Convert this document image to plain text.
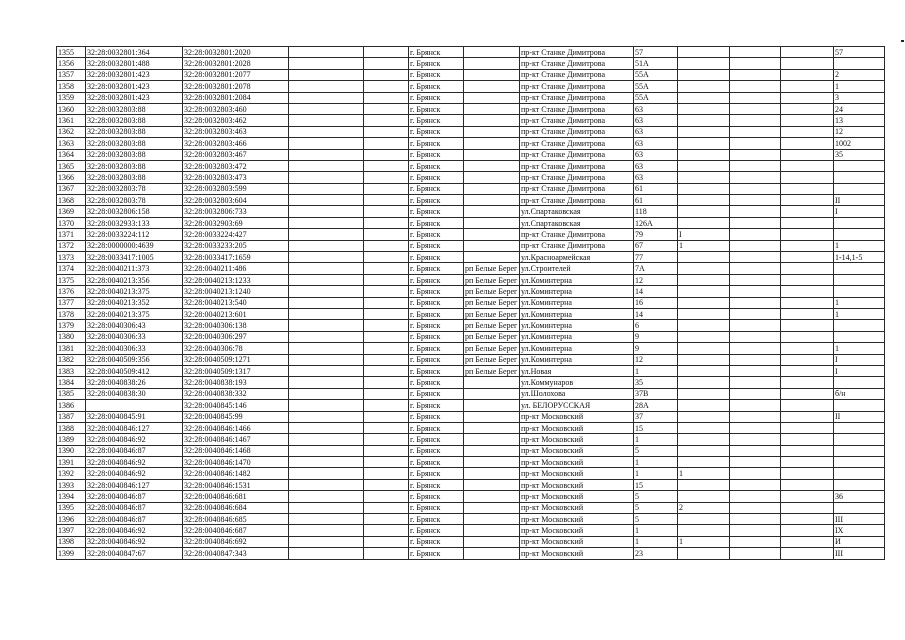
1355	32:28:0032801:364	32:28:0032801:2020			г. Брянск		пр-кт Станке Димитрова	57				57
1356	32:28:0032801:488	32:28:0032801:2028			г. Брянск		пр-кт Станке Димитрова	51А				
1357	32:28:0032801:423	32:28:0032801:2077			г. Брянск		пр-кт Станке Димитрова	55А				2
1358	32:28:0032801:423	32:28:0032801:2078			г. Брянск		пр-кт Станке Димитрова	55А				1
1359	32:28:0032801:423	32:28:0032801:2084			г. Брянск		пр-кт Станке Димитрова	55А				3
1360	32:28:0032803:88	32:28:0032803:460			г. Брянск		пр-кт Станке Димитрова	63				24
1361	32:28:0032803:88	32:28:0032803:462			г. Брянск		пр-кт Станке Димитрова	63				13
1362	32:28:0032803:88	32:28:0032803:463			г. Брянск		пр-кт Станке Димитрова	63				12
1363	32:28:0032803:88	32:28:0032803:466			г. Брянск		пр-кт Станке Димитрова	63				1002
1364	32:28:0032803:88	32:28:0032803:467			г. Брянск		пр-кт Станке Димитрова	63				35
1365	32:28:0032803:88	32:28:0032803:472			г. Брянск		пр-кт Станке Димитрова	63				
1366	32:28:0032803:88	32:28:0032803:473			г. Брянск		пр-кт Станке Димитрова	63				
1367	32:28:0032803:78	32:28:0032803:599			г. Брянск		пр-кт Станке Димитрова	61				
1368	32:28:0032803:78	32:28:0032803:604			г. Брянск		пр-кт Станке Димитрова	61				II
1369	32:28:0032806:158	32:28:0032806:733			г. Брянск		ул.Спартаковская	118				I
1370	32:28:0032933:133	32:28:0032903:69			г. Брянск		ул.Спартаковская	126А				
1371	32:28:0033224:112	32:28:0033224:427			г. Брянск		пр-кт Станке Димитрова	79	I			
1372	32:28:0000000:4639	32:28:0033233:205			г. Брянск		пр-кт Станке Димитрова	67	1			1
1373	32:28:0033417:1005	32:28:0033417:1659			г. Брянск		ул.Красноармейская	77				1-14,1-5
1374	32:28:0040211:373	32:28:0040211:486			г. Брянск	рп Белые Берег	ул.Строителей	7А				
1375	32:28:0040213:356	32:28:0040213:1233			г. Брянск	рп Белые Берег	ул.Коминтерна	12				
1376	32:28:0040213:375	32:28:0040213:1240			г. Брянск	рп Белые Берег	ул.Коминтерна	14				
1377	32:28:0040213:352	32:28:0040213:540			г. Брянск	рп Белые Берег	ул.Коминтерна	16				1
1378	32:28:0040213:375	32:28:0040213:601			г. Брянск	рп Белые Берег	ул.Коминтерна	14				1
1379	32:28:0040306:43	32:28:0040306:138			г. Брянск	рп Белые Берег	ул.Коминтерна	6				
1380	32:28:0040306:33	32:28:0040306:297			г. Брянск	рп Белые Берег	ул.Коминтерна	9				
1381	32:28:0040306:33	32:28:0040306:78			г. Брянск	рп Белые Берег	ул.Коминтерна	9				1
1382	32:28:0040509:356	32:28:0040509:1271			г. Брянск	рп Белые Берег	ул.Коминтерна	12				I
1383	32:28:0040509:412	32:28:0040509:1317			г. Брянск	рп Белые Берег	ул.Новая	1				I
1384	32:28:0040838:26	32:28:0040838:193			г. Брянск		ул.Коммунаров	35				
1385	32:28:0040838:30	32:28:0040838:332			г. Брянск		ул.Шолохова	37В				б/н
1386		32:28:0040845:146			г. Брянск		ул. БЕЛОРУССКАЯ	28А				
1387	32:28:0040845:91	32:28:0040845:99			г. Брянск		пр-кт Московский	37				II
1388	32:28:0040846:127	32:28:0040846:1466			г. Брянск		пр-кт Московский	15				
1389	32:28:0040846:92	32:28:0040846:1467			г. Брянск		пр-кт Московский	1				
1390	32:28:0040846:87	32:28:0040846:1468			г. Брянск		пр-кт Московский	5				
1391	32:28:0040846:92	32:28:0040846:1470			г. Брянск		пр-кт Московский	1				
1392	32:28:0040846:92	32:28:0040846:1482			г. Брянск		пр-кт Московский	1	1			
1393	32:28:0040846:127	32:28:0040846:1531			г. Брянск		пр-кт Московский	15				
1394	32:28:0040846:87	32:28:0040846:681			г. Брянск		пр-кт Московский	5				36
1395	32:28:0040846:87	32:28:0040846:684			г. Брянск		пр-кт Московский	5	2			
1396	32:28:0040846:87	32:28:0040846:685			г. Брянск		пр-кт Московский	5				III
1397	32:28:0040846:92	32:28:0040846:687			г. Брянск		пр-кт Московский	1				IX
1398	32:28:0040846:92	32:28:0040846:692			г. Брянск		пр-кт Московский	1	1			И
1399	32:28:0040847:67	32:28:0040847:343			г. Брянск		пр-кт Московский	23				III
